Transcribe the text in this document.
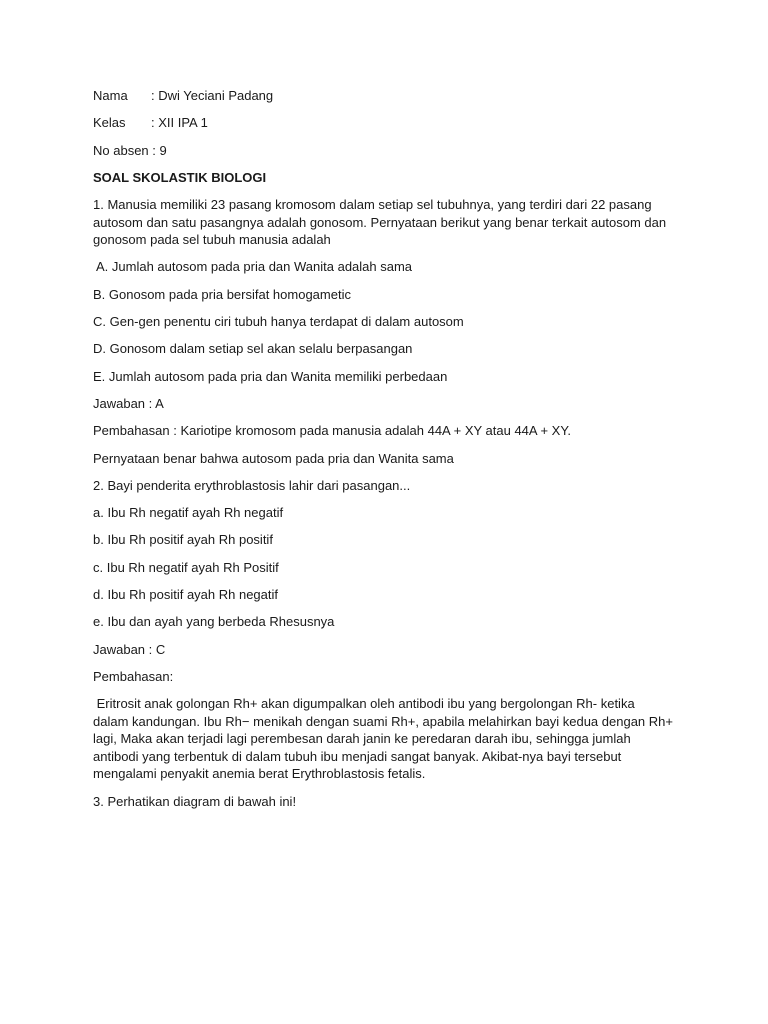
Nama	: Dwi Yeciani Padang
Kelas	: XII IPA 1
No absen : 9
SOAL SKOLASTIK BIOLOGI
1. Manusia memiliki 23 pasang kromosom dalam setiap sel tubuhnya, yang terdiri dari 22 pasang autosom dan satu pasangnya adalah gonosom. Pernyataan berikut yang benar terkait autosom dan gonosom pada sel tubuh manusia adalah
A. Jumlah autosom pada pria dan Wanita adalah sama
B. Gonosom pada pria bersifat homogametic
C. Gen-gen penentu ciri tubuh hanya terdapat di dalam autosom
D. Gonosom dalam setiap sel akan selalu berpasangan
E. Jumlah autosom pada pria dan Wanita memiliki perbedaan
Jawaban : A
Pembahasan : Kariotipe kromosom pada manusia adalah 44A + XY atau 44A + XY.
Pernyataan benar bahwa autosom pada pria dan Wanita sama
2. Bayi penderita erythroblastosis lahir dari pasangan...
a. Ibu Rh negatif ayah Rh negatif
b. Ibu Rh positif ayah Rh positif
c. Ibu Rh negatif ayah Rh Positif
d. Ibu Rh positif ayah Rh negatif
e. Ibu dan ayah yang berbeda Rhesusnya
Jawaban : C
Pembahasan:
Eritrosit anak golongan Rh+ akan digumpalkan oleh antibodi ibu yang bergolongan Rh- ketika dalam kandungan. Ibu Rh− menikah dengan suami Rh+, apabila melahirkan bayi kedua dengan Rh+ lagi, Maka akan terjadi lagi perembesan darah janin ke peredaran darah ibu, sehingga jumlah antibodi yang terbentuk di dalam tubuh ibu menjadi sangat banyak. Akibat-nya bayi tersebut mengalami penyakit anemia berat Erythroblastosis fetalis.
3. Perhatikan diagram di bawah ini!
